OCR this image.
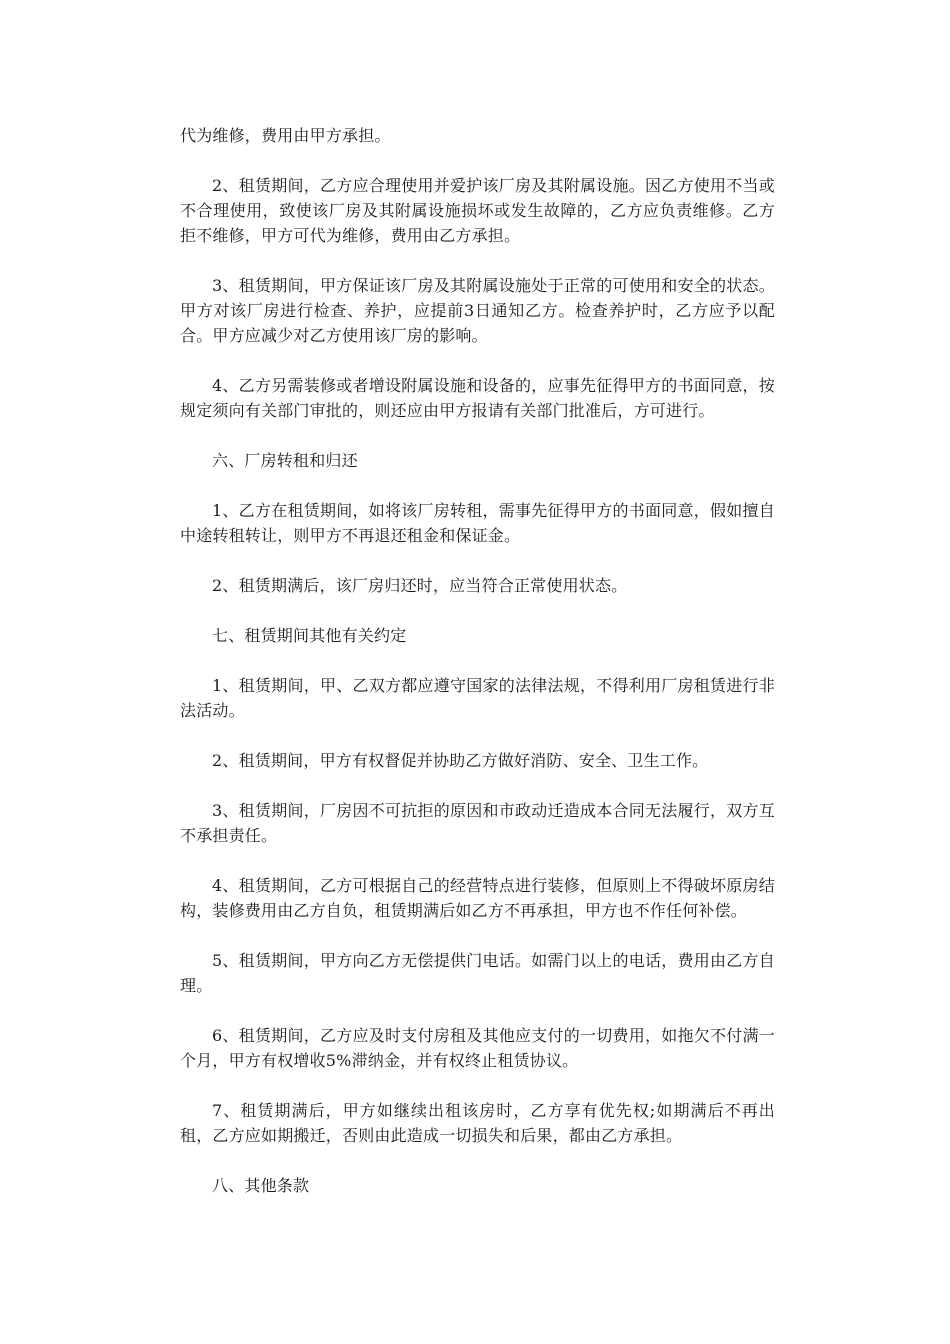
代为维修，费用由甲方承担。

2、租赁期间，乙方应合理使用并爱护该厂房及其附属设施。因乙方使用不当或不合理使用，致使该厂房及其附属设施损坏或发生故障的，乙方应负责维修。乙方拒不维修，甲方可代为维修，费用由乙方承担。

3、租赁期间，甲方保证该厂房及其附属设施处于正常的可使用和安全的状态。甲方对该厂房进行检查、养护，应提前3日通知乙方。检查养护时，乙方应予以配合。甲方应减少对乙方使用该厂房的影响。

4、乙方另需装修或者增设附属设施和设备的，应事先征得甲方的书面同意，按规定须向有关部门审批的，则还应由甲方报请有关部门批准后，方可进行。

六、厂房转租和归还

1、乙方在租赁期间，如将该厂房转租，需事先征得甲方的书面同意，假如擅自中途转租转让，则甲方不再退还租金和保证金。

2、租赁期满后，该厂房归还时，应当符合正常使用状态。

七、租赁期间其他有关约定

1、租赁期间，甲、乙双方都应遵守国家的法律法规，不得利用厂房租赁进行非法活动。

2、租赁期间，甲方有权督促并协助乙方做好消防、安全、卫生工作。

3、租赁期间，厂房因不可抗拒的原因和市政动迁造成本合同无法履行，双方互不承担责任。

4、租赁期间，乙方可根据自己的经营特点进行装修，但原则上不得破坏原房结构，装修费用由乙方自负，租赁期满后如乙方不再承担，甲方也不作任何补偿。

5、租赁期间，甲方向乙方无偿提供门电话。如需门以上的电话，费用由乙方自理。

6、租赁期间，乙方应及时支付房租及其他应支付的一切费用，如拖欠不付满一个月，甲方有权增收5%滞纳金，并有权终止租赁协议。

7、租赁期满后，甲方如继续出租该房时，乙方享有优先权;如期满后不再出租，乙方应如期搬迁，否则由此造成一切损失和后果，都由乙方承担。

八、其他条款
